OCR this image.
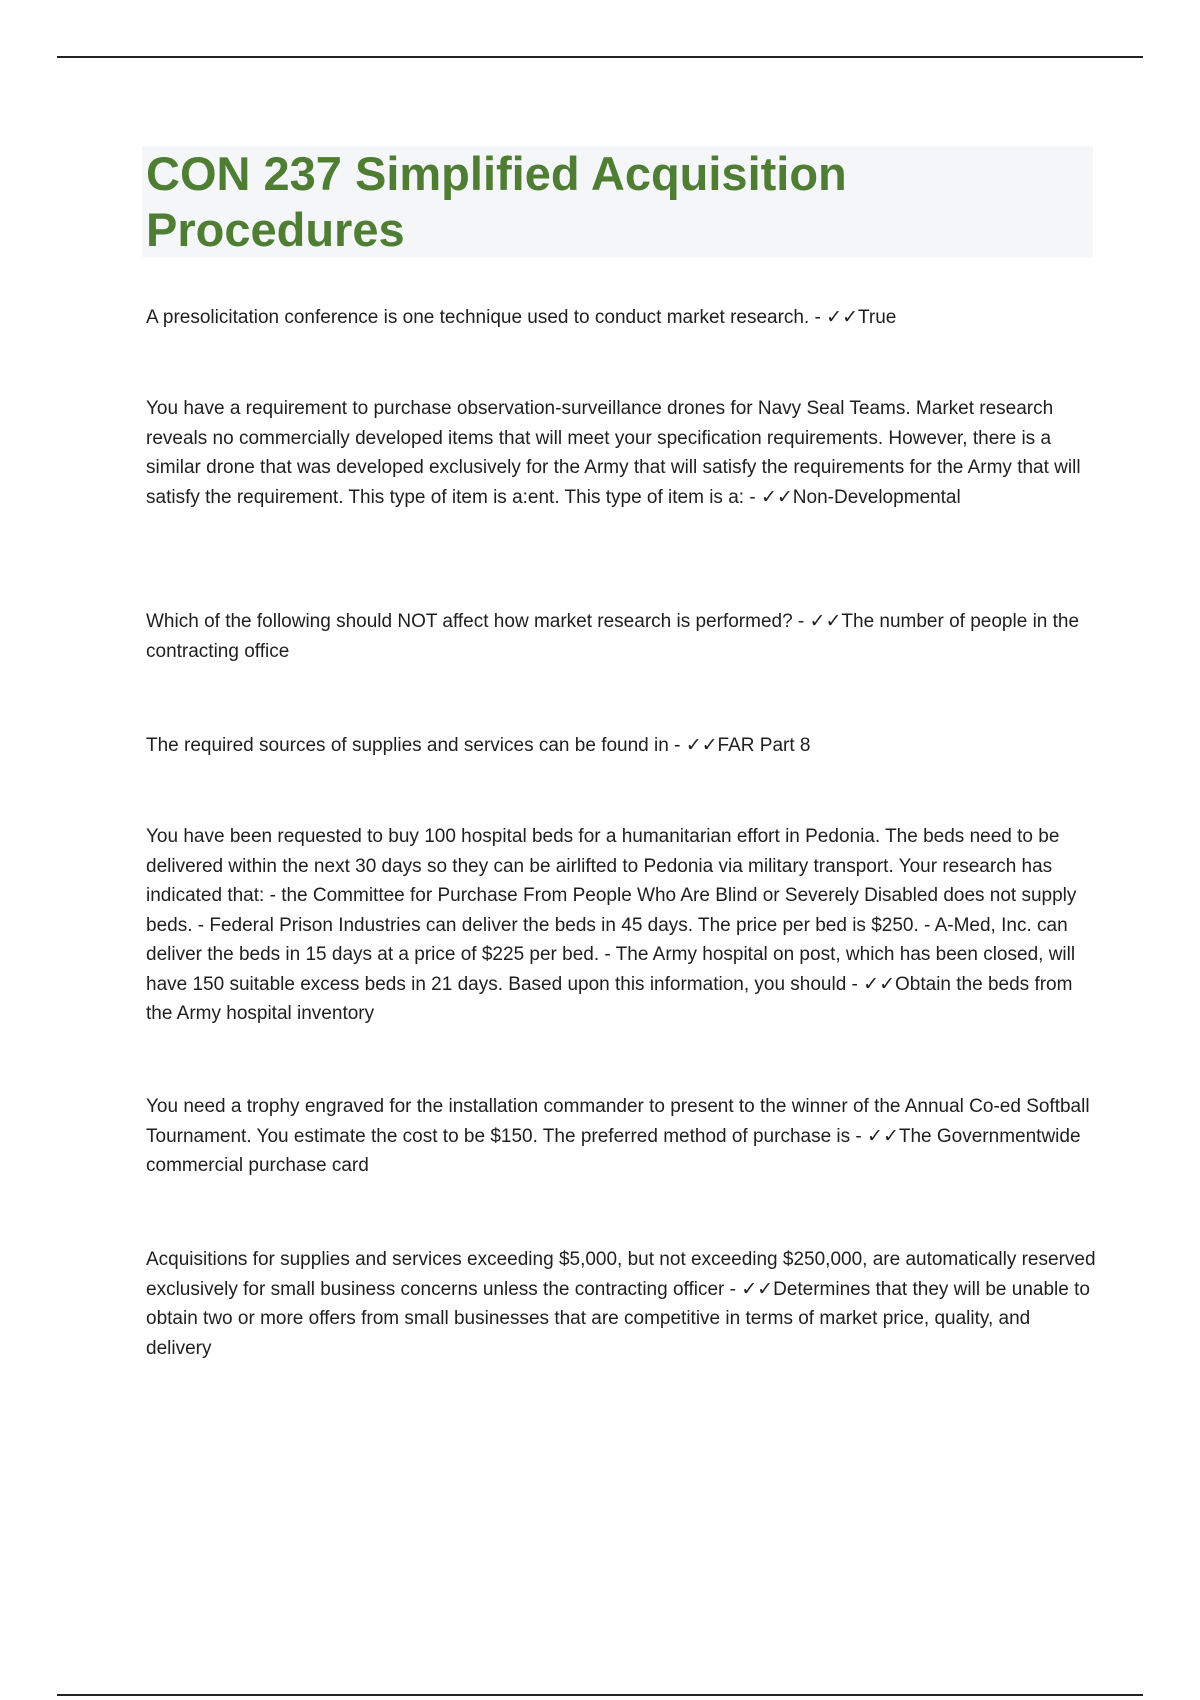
CON 237 Simplified Acquisition Procedures

A presolicitation conference is one technique used to conduct market research. - ✓✓True

You have a requirement to purchase observation-surveillance drones for Navy Seal Teams. Market research reveals no commercially developed items that will meet your specification requirements. However, there is a similar drone that was developed exclusively for the Army that will satisfy the requirements for the Army that will satisfy the requirement. This type of item is a:ent. This type of item is a: - ✓✓Non-Developmental

Which of the following should NOT affect how market research is performed? - ✓✓The number of people in the contracting office

The required sources of supplies and services can be found in - ✓✓FAR Part 8

You have been requested to buy 100 hospital beds for a humanitarian effort in Pedonia. The beds need to be delivered within the next 30 days so they can be airlifted to Pedonia via military transport. Your research has indicated that: - the Committee for Purchase From People Who Are Blind or Severely Disabled does not supply beds. - Federal Prison Industries can deliver the beds in 45 days. The price per bed is $250. - A-Med, Inc. can deliver the beds in 15 days at a price of $225 per bed. - The Army hospital on post, which has been closed, will have 150 suitable excess beds in 21 days. Based upon this information, you should - ✓✓Obtain the beds from the Army hospital inventory

You need a trophy engraved for the installation commander to present to the winner of the Annual Co-ed Softball Tournament. You estimate the cost to be $150. The preferred method of purchase is - ✓✓The Governmentwide commercial purchase card

Acquisitions for supplies and services exceeding $5,000, but not exceeding $250,000, are automatically reserved exclusively for small business concerns unless the contracting officer - ✓✓Determines that they will be unable to obtain two or more offers from small businesses that are competitive in terms of market price, quality, and delivery
